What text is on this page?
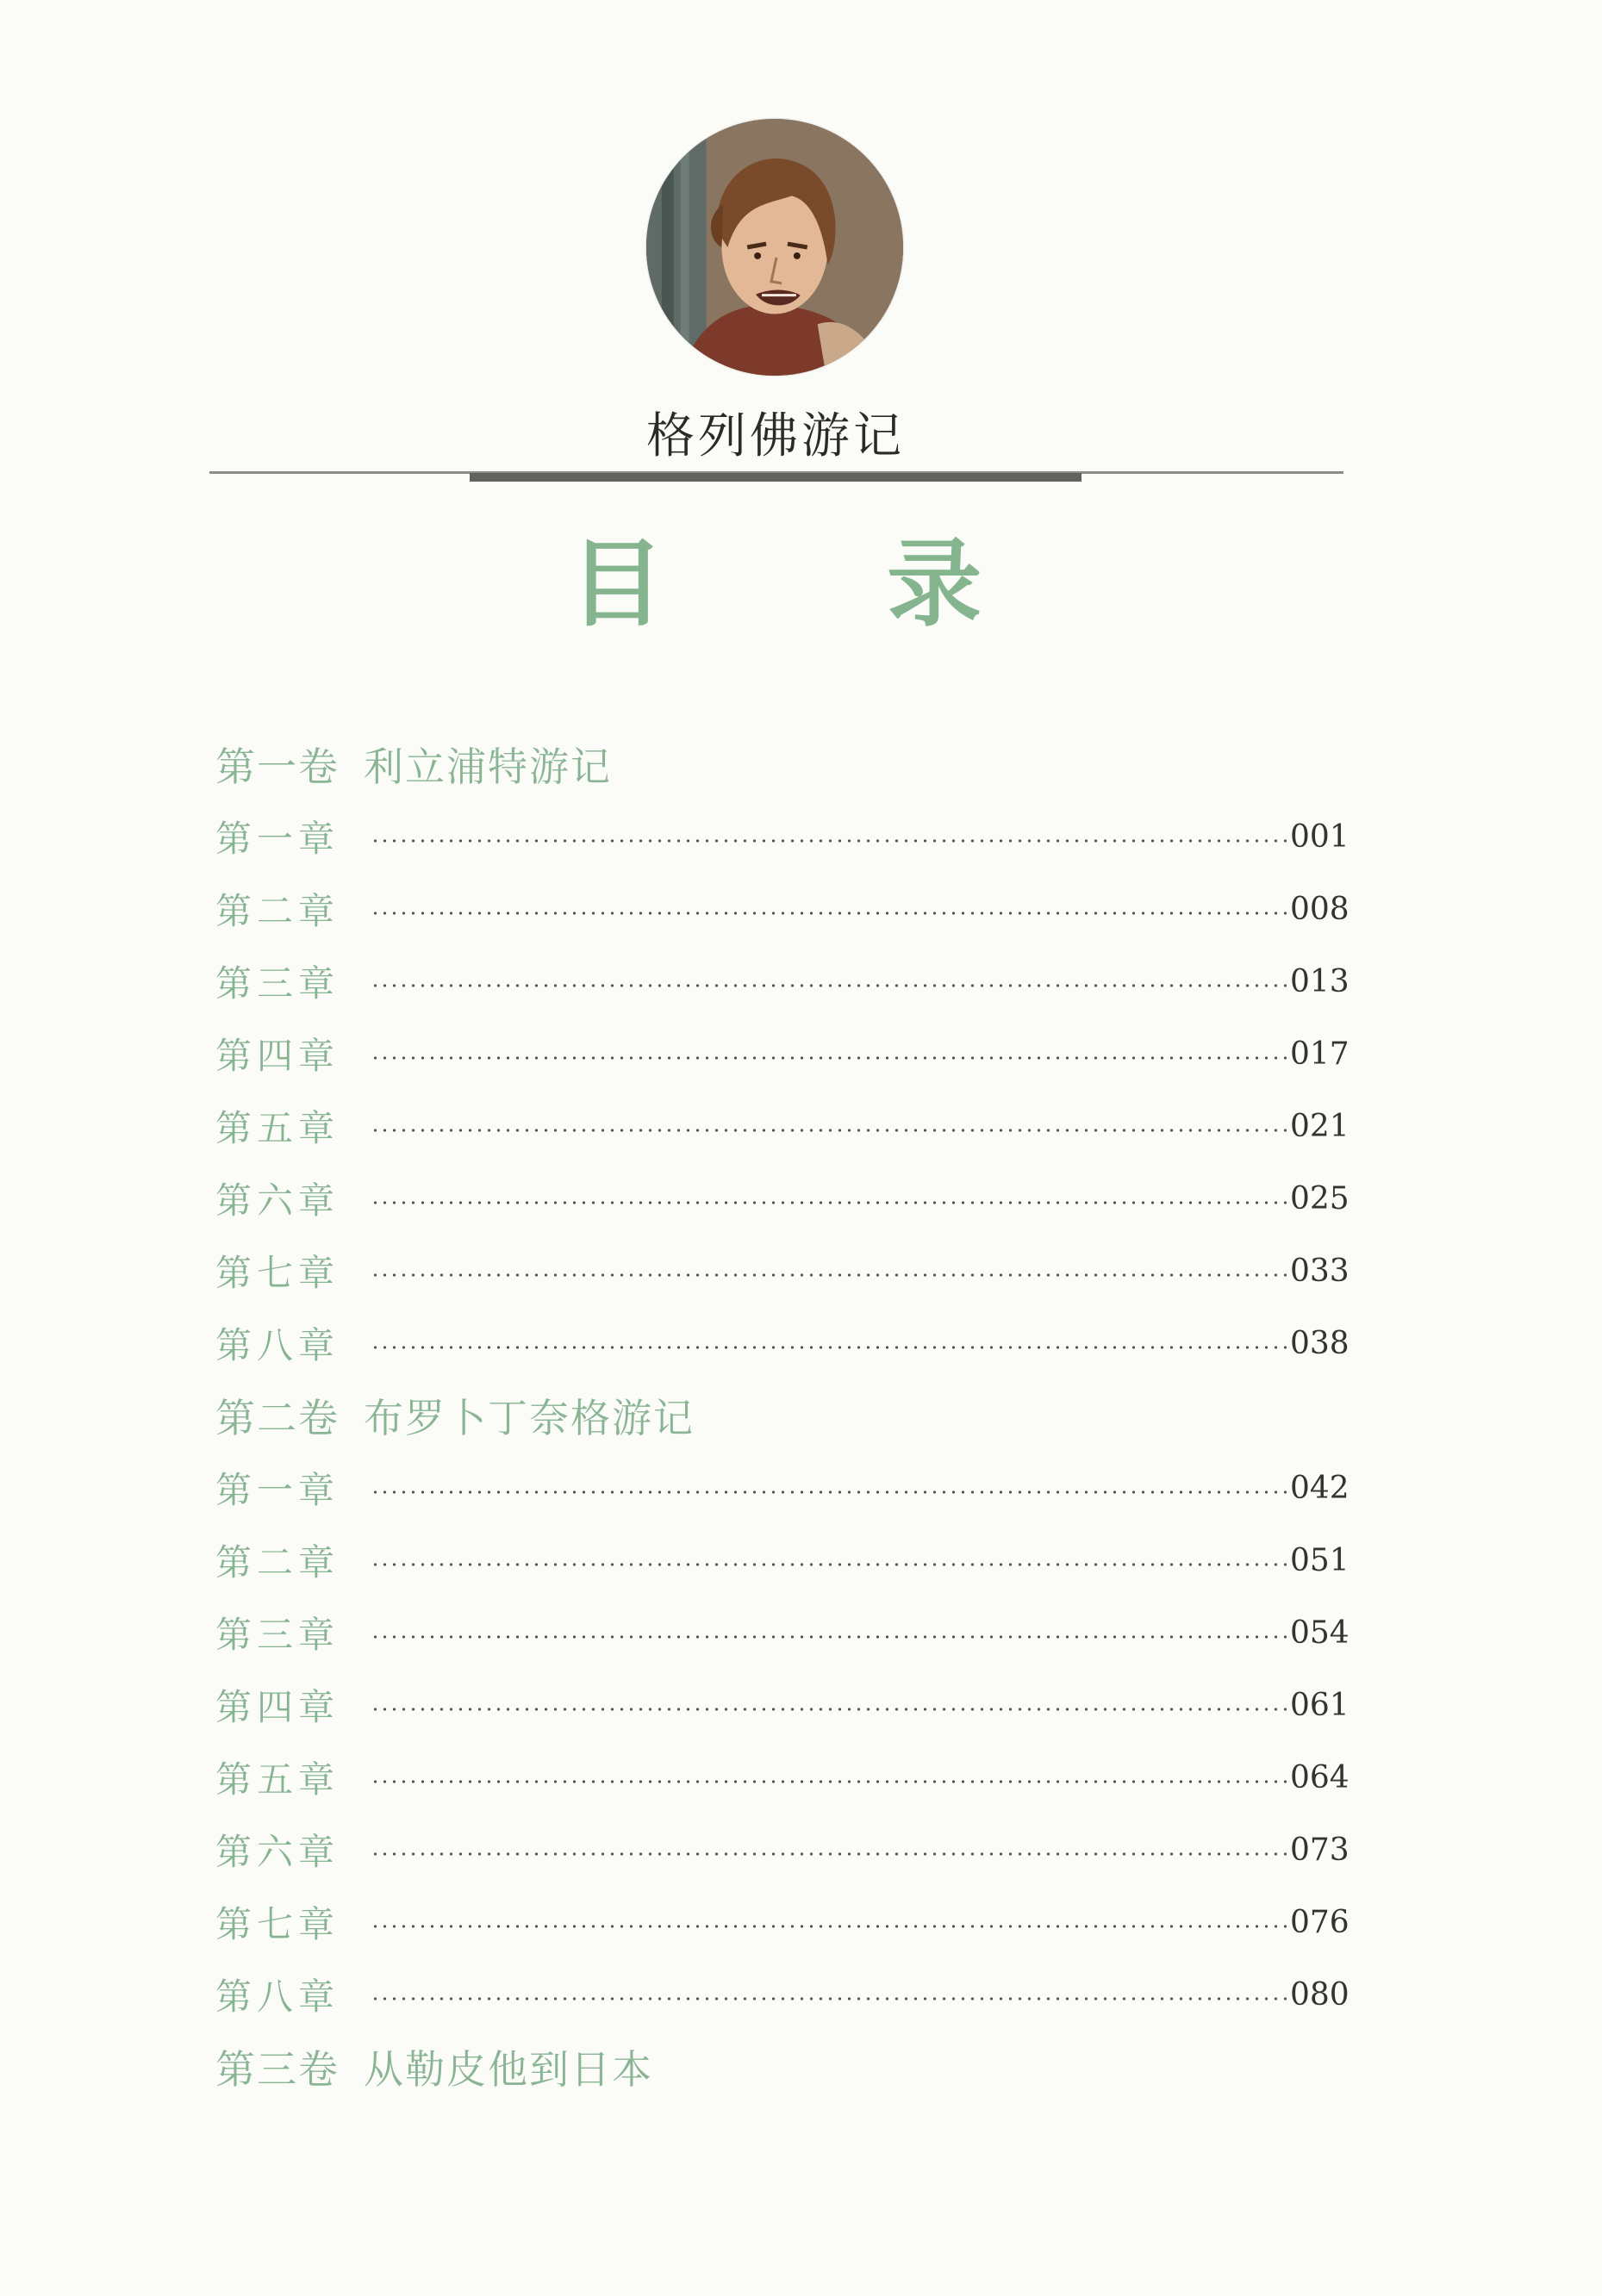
格列佛游记
目 录
第一卷 利立浦特游记
第一章	001
第二章	008
第三章	013
第四章	017
第五章	021
第六章	025
第七章	033
第八章	038
第二卷 布罗卜丁奈格游记
第一章	042
第二章	051
第三章	054
第四章	061
第五章	064
第六章	073
第七章	076
第八章	080
第三卷 从勒皮他到日本
